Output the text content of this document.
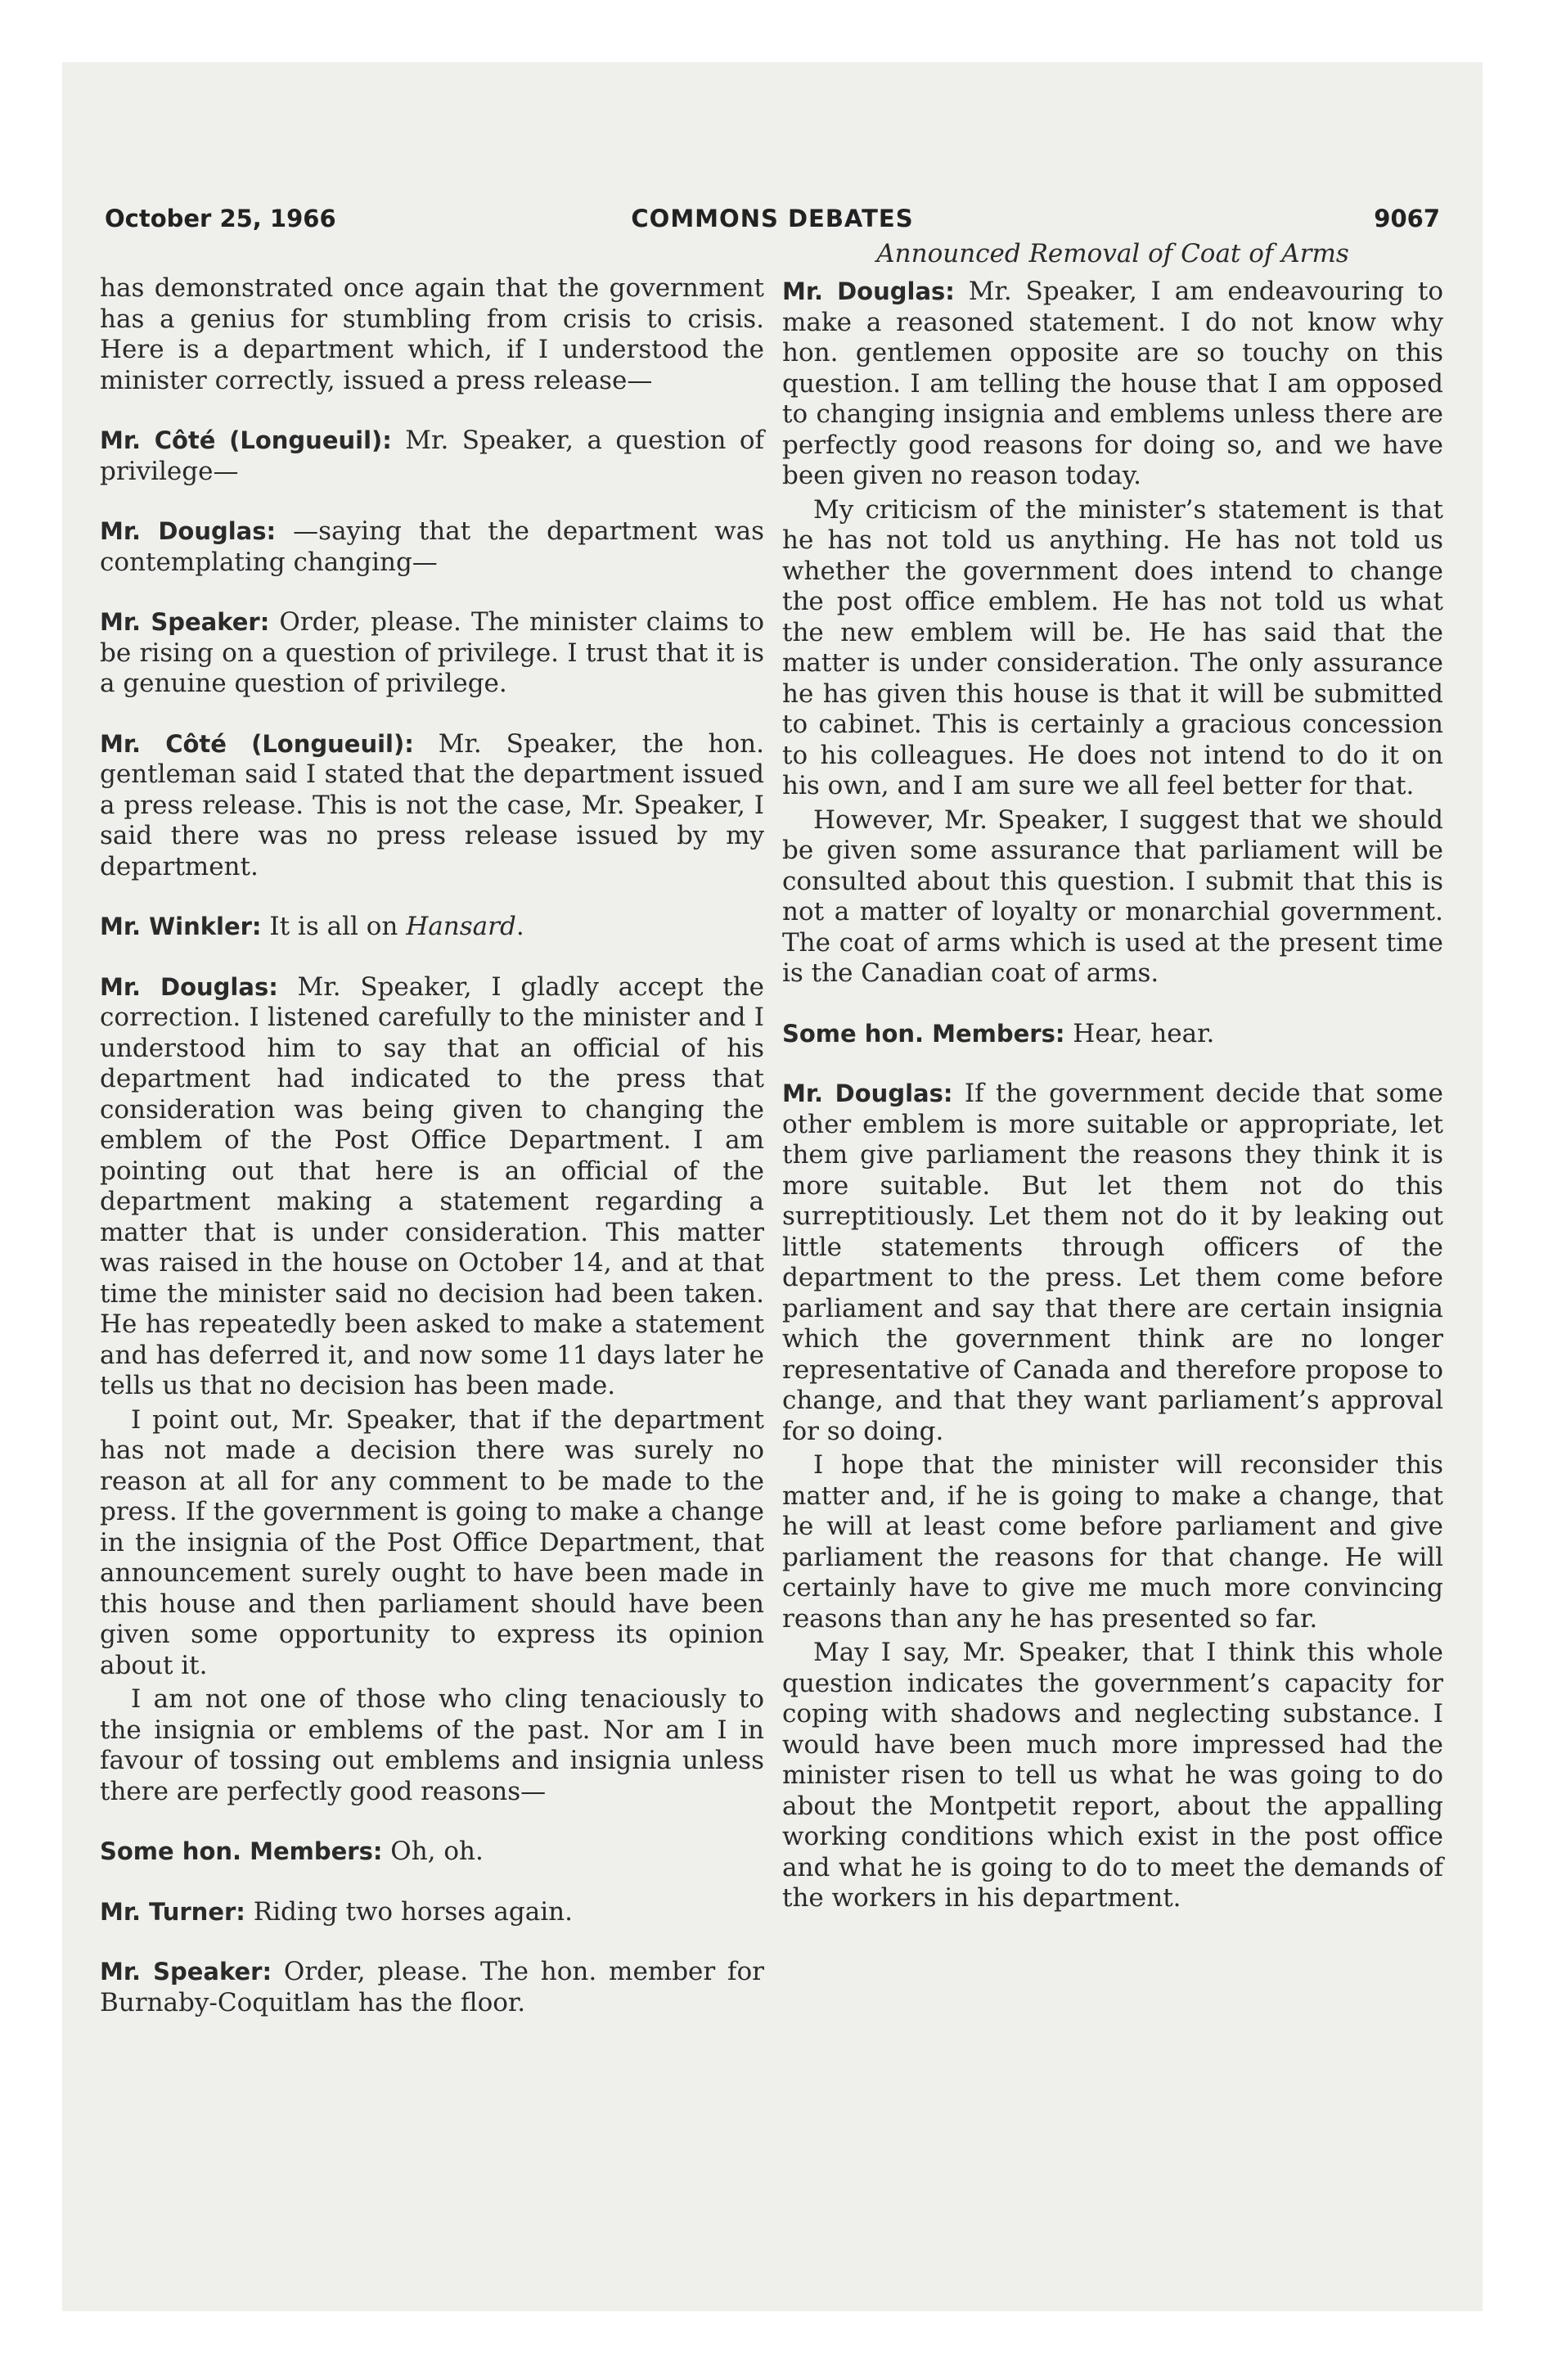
October 25, 1966	COMMONS DEBATES	9067

has demonstrated once again that the government has a genius for stumbling from crisis to crisis. Here is a department which, if I understood the minister correctly, issued a press release—

Mr. Côté (Longueuil): Mr. Speaker, a question of privilege—

Mr. Douglas: —saying that the department was contemplating changing—

Mr. Speaker: Order, please. The minister claims to be rising on a question of privilege. I trust that it is a genuine question of privilege.

Mr. Côté (Longueuil): Mr. Speaker, the hon. gentleman said I stated that the department issued a press release. This is not the case, Mr. Speaker, I said there was no press release issued by my department.

Mr. Winkler: It is all on Hansard.

Mr. Douglas: Mr. Speaker, I gladly accept the correction. I listened carefully to the minister and I understood him to say that an official of his department had indicated to the press that consideration was being given to changing the emblem of the Post Office Department. I am pointing out that here is an official of the department making a statement regarding a matter that is under consideration. This matter was raised in the house on October 14, and at that time the minister said no decision had been taken. He has repeatedly been asked to make a statement and has deferred it, and now some 11 days later he tells us that no decision has been made.

I point out, Mr. Speaker, that if the department has not made a decision there was surely no reason at all for any comment to be made to the press. If the government is going to make a change in the insignia of the Post Office Department, that announcement surely ought to have been made in this house and then parliament should have been given some opportunity to express its opinion about it.

I am not one of those who cling tenaciously to the insignia or emblems of the past. Nor am I in favour of tossing out emblems and insignia unless there are perfectly good reasons—

Some hon. Members: Oh, oh.

Mr. Turner: Riding two horses again.

Mr. Speaker: Order, please. The hon. member for Burnaby-Coquitlam has the floor.

Announced Removal of Coat of Arms

Mr. Douglas: Mr. Speaker, I am endeavouring to make a reasoned statement. I do not know why hon. gentlemen opposite are so touchy on this question. I am telling the house that I am opposed to changing insignia and emblems unless there are perfectly good reasons for doing so, and we have been given no reason today.

My criticism of the minister’s statement is that he has not told us anything. He has not told us whether the government does intend to change the post office emblem. He has not told us what the new emblem will be. He has said that the matter is under consideration. The only assurance he has given this house is that it will be submitted to cabinet. This is certainly a gracious concession to his colleagues. He does not intend to do it on his own, and I am sure we all feel better for that.

However, Mr. Speaker, I suggest that we should be given some assurance that parliament will be consulted about this question. I submit that this is not a matter of loyalty or monarchial government. The coat of arms which is used at the present time is the Canadian coat of arms.

Some hon. Members: Hear, hear.

Mr. Douglas: If the government decide that some other emblem is more suitable or appropriate, let them give parliament the reasons they think it is more suitable. But let them not do this surreptitiously. Let them not do it by leaking out little statements through officers of the department to the press. Let them come before parliament and say that there are certain insignia which the government think are no longer representative of Canada and therefore propose to change, and that they want parliament’s approval for so doing.

I hope that the minister will reconsider this matter and, if he is going to make a change, that he will at least come before parliament and give parliament the reasons for that change. He will certainly have to give me much more convincing reasons than any he has presented so far.

May I say, Mr. Speaker, that I think this whole question indicates the government’s capacity for coping with shadows and neglecting substance. I would have been much more impressed had the minister risen to tell us what he was going to do about the Montpetit report, about the appalling working conditions which exist in the post office and what he is going to do to meet the demands of the workers in his department.
